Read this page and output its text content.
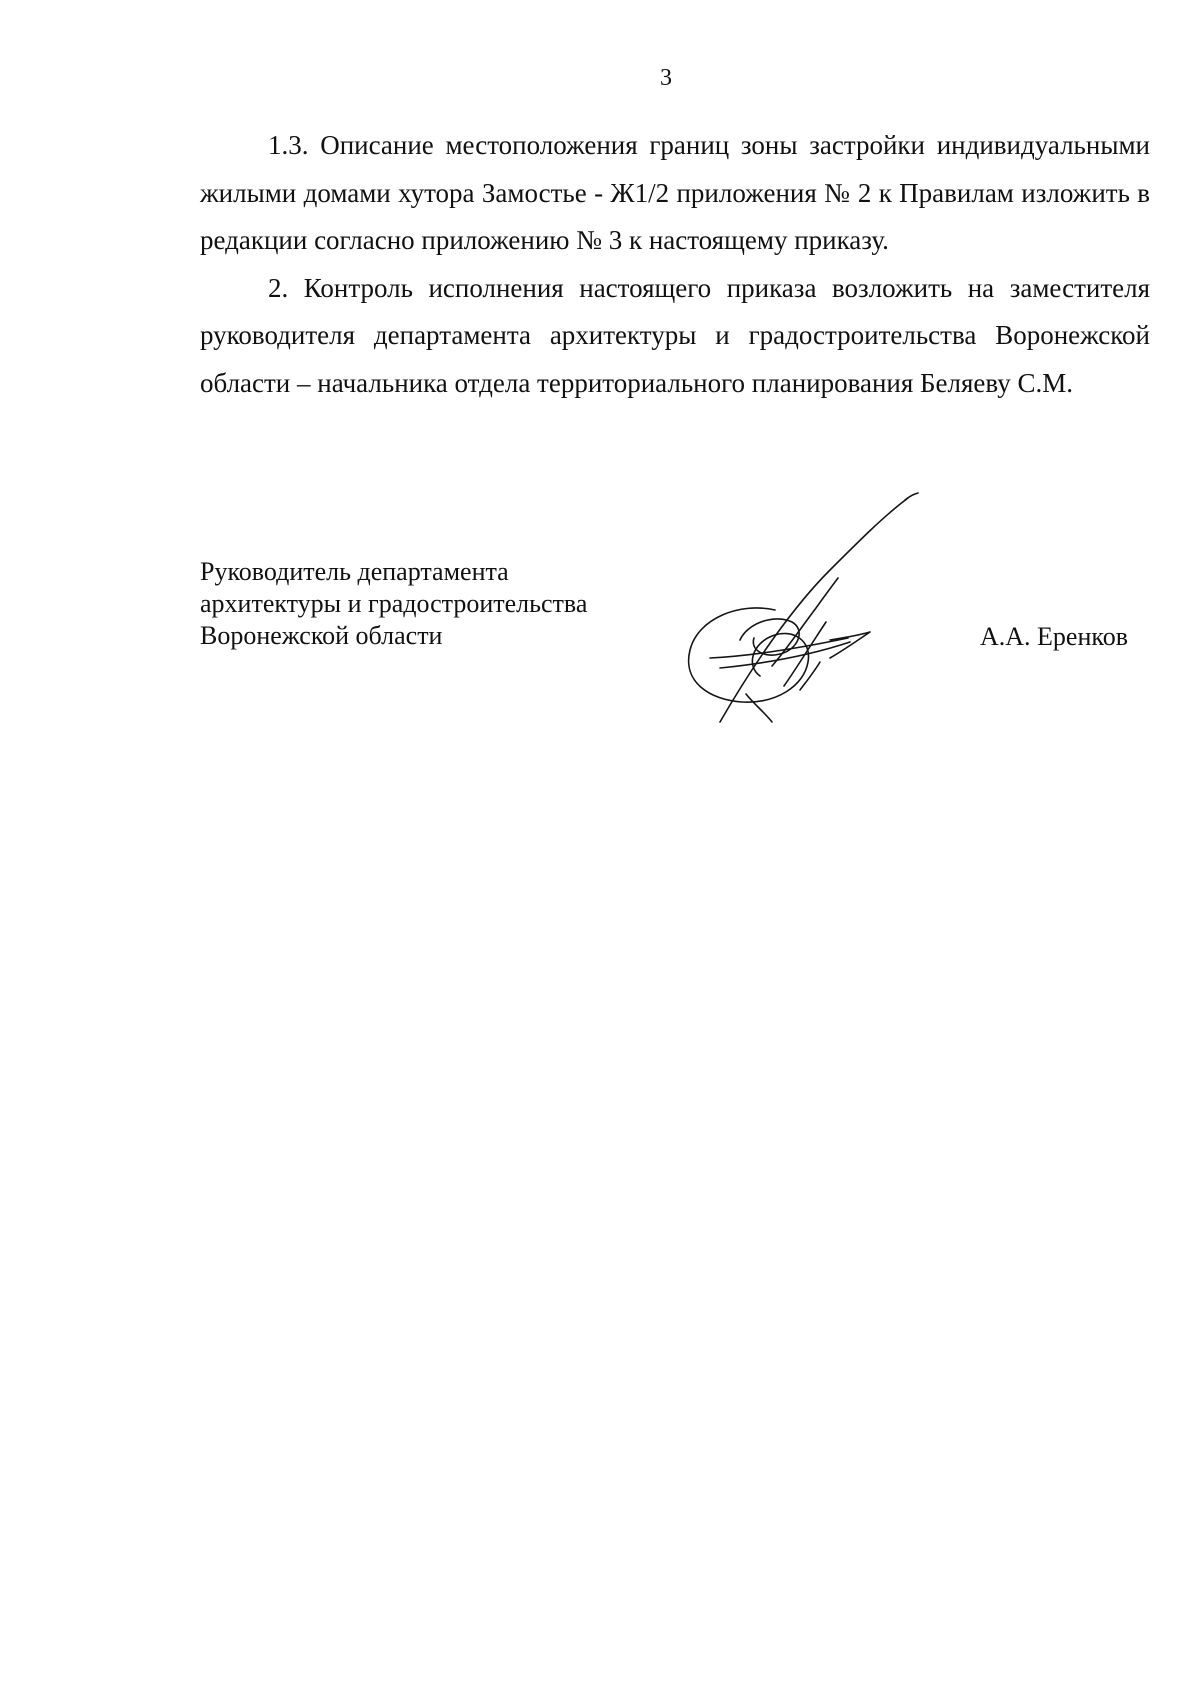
3

1.3. Описание местоположения границ зоны застройки индивидуальными жилыми домами хутора Замостье - Ж1/2 приложения № 2 к Правилам изложить в редакции согласно приложению № 3 к настоящему приказу.

2. Контроль исполнения настоящего приказа возложить на заместителя руководителя департамента архитектуры и градостроительства Воронежской области – начальника отдела территориального планирования Беляеву С.М.

Руководитель департамента
архитектуры и градостроительства
Воронежской области	А.А. Еренков
